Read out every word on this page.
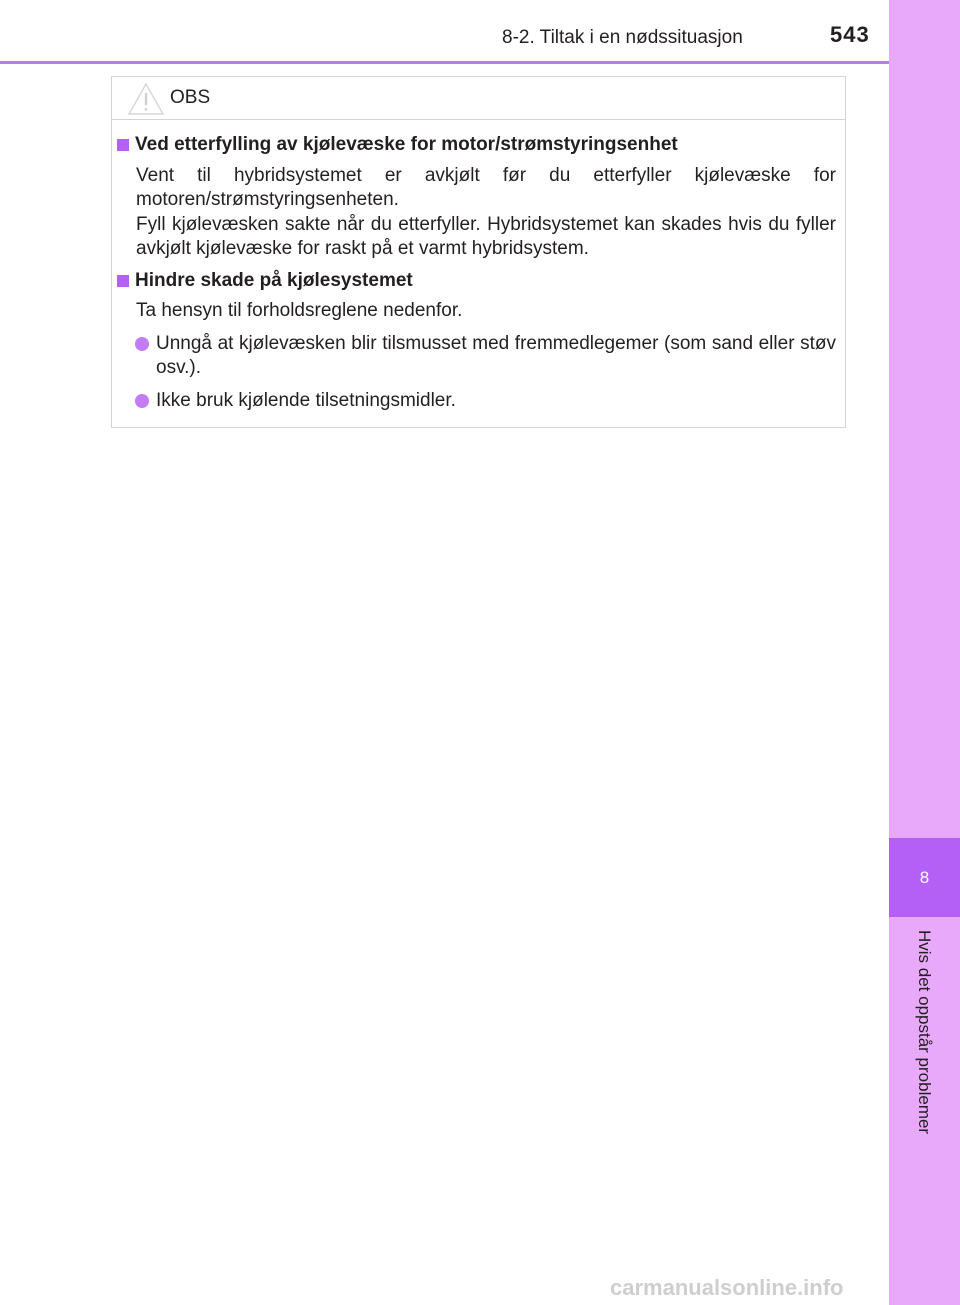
8-2. Tiltak i en nødssituasjon	543
8
Hvis det oppstår problemer
OBS
Ved etterfylling av kjølevæske for motor/strømstyringsenhet

Vent til hybridsystemet er avkjølt før du etterfyller kjølevæske for motoren/strømstyringsenheten.

Fyll kjølevæsken sakte når du etterfyller. Hybridsystemet kan skades hvis du fyller avkjølt kjølevæske for raskt på et varmt hybridsystem.

Hindre skade på kjølesystemet

Ta hensyn til forholdsreglene nedenfor.

Unngå at kjølevæsken blir tilsmusset med fremmedlegemer (som sand eller støv osv.).
Ikke bruk kjølende tilsetningsmidler.
carmanualsonline.info
